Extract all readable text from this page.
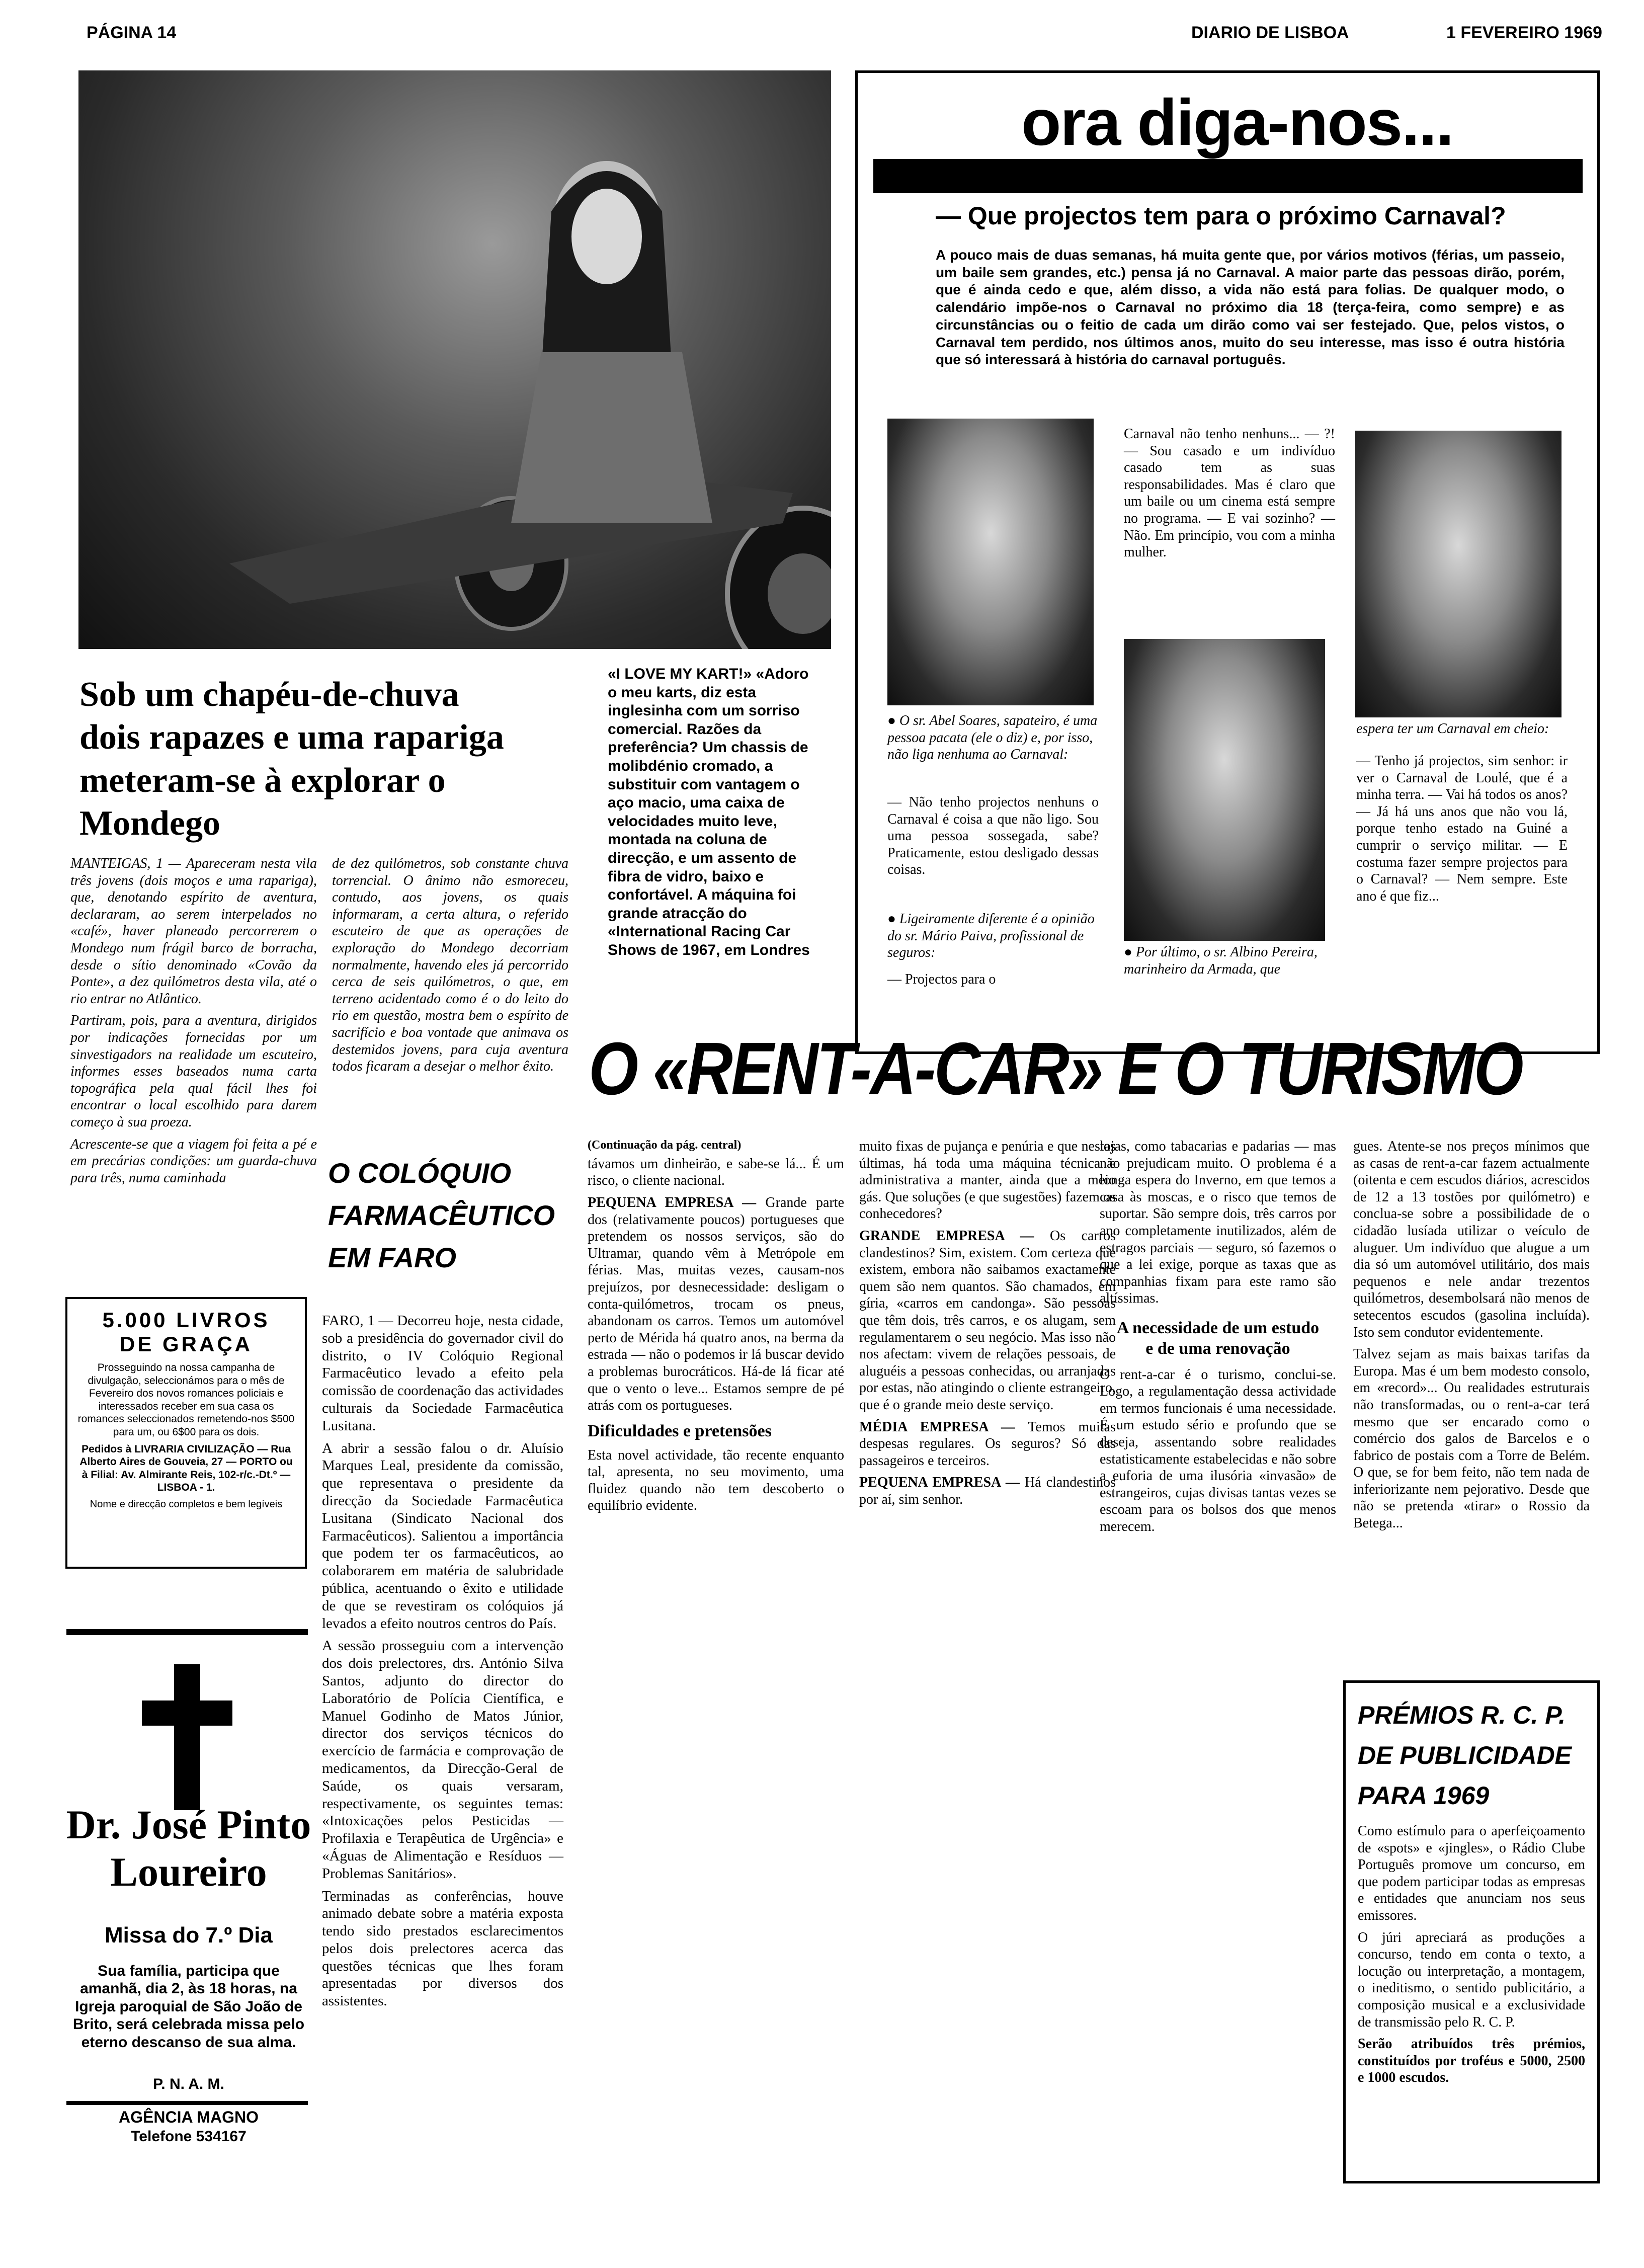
PÁGINA 14	DIARIO DE LISBOA	1 FEVEREIRO 1969
«I LOVE MY KART!» «Adoro o meu karts, diz esta inglesinha com um sorriso comercial. Razões da preferência? Um chassis de molibdénio cromado, a substituir com vantagem o aço macio, uma caixa de velocidades muito leve, montada na coluna de direcção, e um assento de fibra de vidro, baixo e confortável. A máquina foi grande atracção do «International Racing Car Shows de 1967, em Londres
Sob um chapéu-de-chuva
dois rapazes e uma rapariga
meteram-se à explorar o Mondego

MANTEIGAS, 1 — Apareceram nesta vila três jovens (dois moços e uma rapariga), que, denotando espírito de aventura, declararam, ao serem interpelados no «café», haver planeado percorrerem o Mondego num frágil barco de borracha, desde o sítio denominado «Covão da Ponte», a dez quilómetros desta vila, até o rio entrar no Atlântico.

Partiram, pois, para a aventura, dirigidos por indicações fornecidas por um sinvestigadors na realidade um escuteiro, informes esses baseados numa carta topográfica pela qual fácil lhes foi encontrar o local escolhido para darem começo à sua proeza.

Acrescente-se que a viagem foi feita a pé e em precárias condições: um guarda-chuva para três, numa caminhada

de dez quilómetros, sob constante chuva torrencial. O ânimo não esmoreceu, contudo, aos jovens, os quais informaram, a certa altura, o referido escuteiro de que as operações de exploração do Mondego decorriam normalmente, havendo eles já percorrido cerca de seis quilómetros, o que, em terreno acidentado como é o do leito do rio em questão, mostra bem o espírito de sacrifício e boa vontade que animava os destemidos jovens, para cuja aventura todos ficaram a desejar o melhor êxito.

5.000 LIVROS
DE GRAÇA
Prosseguindo na nossa campanha de divulgação, seleccionámos para o mês de Fevereiro dos novos romances policiais e interessados receber em sua casa os romances seleccionados remetendo-nos $500 para um, ou 6$00 para os dois.
Pedidos à LIVRARIA CIVILIZAÇÃO — Rua Alberto Aires de Gouveia, 27 — PORTO ou à Filial: Av. Almirante Reis, 102-r/c.-Dt.º — LISBOA - 1.
Nome e direcção completos e bem legíveis
Dr. José Pinto
Loureiro
Missa do 7.º Dia
Sua família, participa que amanhã, dia 2, às 18 horas, na Igreja paroquial de São João de Brito, será celebrada missa pelo eterno descanso de sua alma.
P. N. A. M.
AGÊNCIA MAGNO
Telefone 534167
O COLÓQUIO
FARMACÊUTICO
EM FARO

FARO, 1 — Decorreu hoje, nesta cidade, sob a presidência do governador civil do distrito, o IV Colóquio Regional Farmacêutico levado a efeito pela comissão de coordenação das actividades culturais da Sociedade Farmacêutica Lusitana.

A abrir a sessão falou o dr. Aluísio Marques Leal, presidente da comissão, que representava o presidente da direcção da Sociedade Farmacêutica Lusitana (Sindicato Nacional dos Farmacêuticos). Salientou a importância que podem ter os farmacêuticos, ao colaborarem em matéria de salubridade pública, acentuando o êxito e utilidade de que se revestiram os colóquios já levados a efeito noutros centros do País.

A sessão prosseguiu com a intervenção dos dois prelectores, drs. António Silva Santos, adjunto do director do Laboratório de Polícia Científica, e Manuel Godinho de Matos Júnior, director dos serviços técnicos do exercício de farmácia e comprovação de medicamentos, da Direcção-Geral de Saúde, os quais versaram, respectivamente, os seguintes temas: «Intoxicações pelos Pesticidas — Profilaxia e Terapêutica de Urgência» e «Águas de Alimentação e Resíduos — Problemas Sanitários».

Terminadas as conferências, houve animado debate sobre a matéria exposta tendo sido prestados esclarecimentos pelos dois prelectores acerca das questões técnicas que lhes foram apresentadas por diversos dos assistentes.

ora diga-nos...
— Que projectos tem para o próximo Carnaval?
A pouco mais de duas semanas, há muita gente que, por vários motivos (férias, um passeio, um baile sem grandes, etc.) pensa já no Carnaval. A maior parte das pessoas dirão, porém, que é ainda cedo e que, além disso, a vida não está para folias. De qualquer modo, o calendário impõe-nos o Carnaval no próximo dia 18 (terça-feira, como sempre) e as circunstâncias ou o feitio de cada um dirão como vai ser festejado. Que, pelos vistos, o Carnaval tem perdido, nos últimos anos, muito do seu interesse, mas isso é outra história que só interessará à história do carnaval português.
● O sr. Abel Soares, sapateiro, é uma pessoa pacata (ele o diz) e, por isso, não liga nenhuma ao Carnaval:
— Não tenho projectos nenhuns o Carnaval é coisa a que não ligo. Sou uma pessoa sossegada, sabe? Praticamente, estou desligado dessas coisas.
● Ligeiramente diferente é a opinião do sr. Mário Paiva, profissional de seguros:
— Projectos para o
Carnaval não tenho nenhuns... — ?! — Sou casado e um indivíduo casado tem as suas responsabilidades. Mas é claro que um baile ou um cinema está sempre no programa. — E vai sozinho? — Não. Em princípio, vou com a minha mulher.
● Por último, o sr. Albino Pereira, marinheiro da Armada, que
espera ter um Carnaval em cheio:
— Tenho já projectos, sim senhor: ir ver o Carnaval de Loulé, que é a minha terra. — Vai há todos os anos? — Já há uns anos que não vou lá, porque tenho estado na Guiné a cumprir o serviço militar. — E costuma fazer sempre projectos para o Carnaval? — Nem sempre. Este ano é que fiz...
O «RENT-A-CAR» E O TURISMO
(Continuação da pág. central)

távamos um dinheirão, e sabe-se lá... É um risco, o cliente nacional.

PEQUENA EMPRESA — Grande parte dos (relativamente poucos) portugueses que pretendem os nossos serviços, são do Ultramar, quando vêm à Metrópole em férias. Mas, muitas vezes, causam-nos prejuízos, por desnecessidade: desligam o conta-quilómetros, trocam os pneus, abandonam os carros. Temos um automóvel perto de Mérida há quatro anos, na berma da estrada — não o podemos ir lá buscar devido a problemas burocráticos. Há-de lá ficar até que o vento o leve... Estamos sempre de pé atrás com os portugueses.
Dificuldades e pretensões

Esta novel actividade, tão recente enquanto tal, apresenta, no seu movimento, uma fluidez quando não tem descoberto o equilíbrio evidente.

muito fixas de pujança e penúria e que nestas últimas, há toda uma máquina técnica e administrativa a manter, ainda que a meio gás. Que soluções (e que sugestões) fazem os conhecedores?

GRANDE EMPRESA — Os carros clandestinos? Sim, existem. Com certeza que existem, embora não saibamos exactamente quem são nem quantos. São chamados, em gíria, «carros em candonga». São pessoas que têm dois, três carros, e os alugam, sem regulamentarem o seu negócio. Mas isso não nos afectam: vivem de relações pessoais, de aluguéis a pessoas conhecidas, ou arranjadas por estas, não atingindo o cliente estrangeiro, que é o grande meio deste serviço.

MÉDIA EMPRESA — Temos muitas despesas regulares. Os seguros? Só das passageiros e terceiros.

PEQUENA EMPRESA — Há clandestinos por aí, sim senhor.

lojas, como tabacarias e padarias — mas não prejudicam muito. O problema é a longa espera do Inverno, em que temos a casa às moscas, e o risco que temos de suportar. São sempre dois, três carros por ano completamente inutilizados, além de estragos parciais — seguro, só fazemos o que a lei exige, porque as taxas que as companhias fixam para este ramo são altíssimas.

A necessidade de um estudo e de uma renovação

O rent-a-car é o turismo, conclui-se. Logo, a regulamentação dessa actividade em termos funcionais é uma necessidade. É um estudo sério e profundo que se deseja, assentando sobre realidades estatisticamente estabelecidas e não sobre a euforia de uma ilusória «invasão» de estrangeiros, cujas divisas tantas vezes se escoam para os bolsos dos que menos merecem.

gues. Atente-se nos preços mínimos que as casas de rent-a-car fazem actualmente (oitenta e cem escudos diários, acrescidos de 12 a 13 tostões por quilómetro) e conclua-se sobre a possibilidade de o cidadão lusíada utilizar o veículo de aluguer. Um indivíduo que alugue a um dia só um automóvel utilitário, dos mais pequenos e nele andar trezentos quilómetros, desembolsará não menos de setecentos escudos (gasolina incluída). Isto sem condutor evidentemente.

Talvez sejam as mais baixas tarifas da Europa. Mas é um bem modesto consolo, em «record»... Ou realidades estruturais não transformadas, ou o rent-a-car terá mesmo que ser encarado como o comércio dos galos de Barcelos e o fabrico de postais com a Torre de Belém. O que, se for bem feito, não tem nada de inferiorizante nem pejorativo. Desde que não se pretenda «tirar» o Rossio da Betega...

PRÉMIOS R. C. P.
DE PUBLICIDADE
PARA 1969

Como estímulo para o aperfeiçoamento de «spots» e «jingles», o Rádio Clube Português promove um concurso, em que podem participar todas as empresas e entidades que anunciam nos seus emissores.

O júri apreciará as produções a concurso, tendo em conta o texto, a locução ou interpretação, a montagem, o ineditismo, o sentido publicitário, a composição musical e a exclusividade de transmissão pelo R. C. P.

Serão atribuídos três prémios, constituídos por troféus e 5000, 2500 e 1000 escudos.
